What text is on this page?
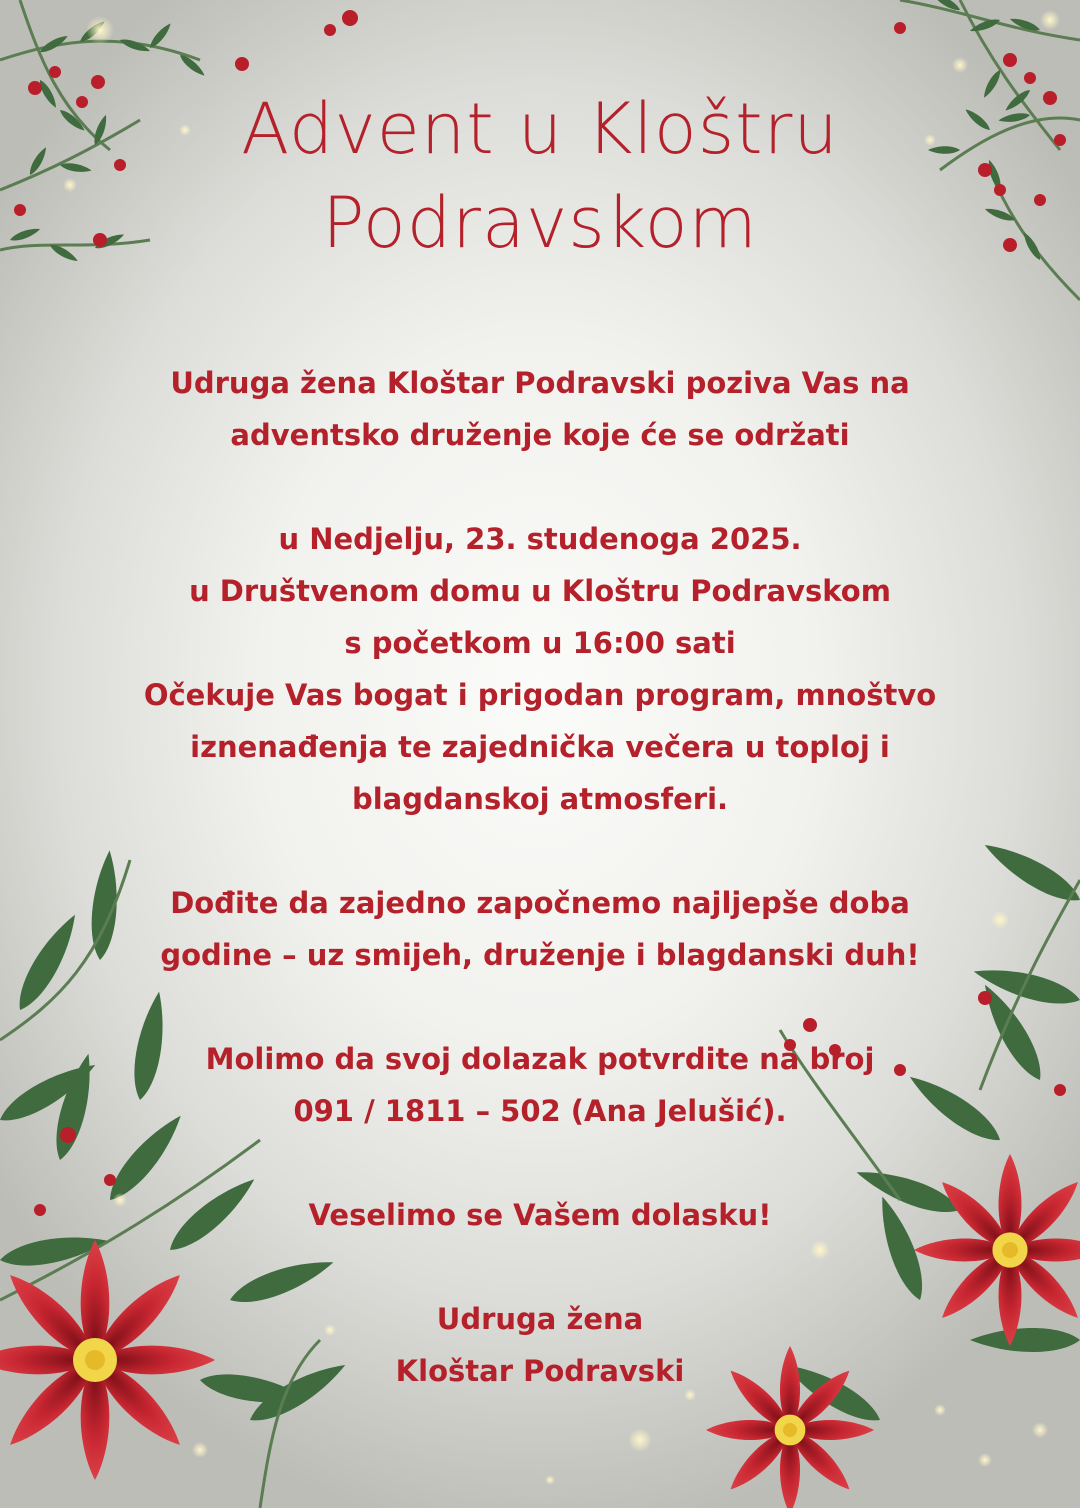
Advent u Kloštru
Podravskom
Udruga žena Kloštar Podravski poziva Vas na
adventsko druženje koje će se održati
u Nedjelju, 23. studenoga 2025.
u Društvenom domu u Kloštru Podravskom
s početkom u 16:00 sati
Očekuje Vas bogat i prigodan program, mnoštvo
iznenađenja te zajednička večera u toploj i
blagdanskoj atmosferi.
Dođite da zajedno započnemo najljepše doba
godine – uz smijeh, druženje i blagdanski duh!
Molimo da svoj dolazak potvrdite na broj
091 / 1811 – 502 (Ana Jelušić).
Veselimo se Vašem dolasku!
Udruga žena
Kloštar Podravski
